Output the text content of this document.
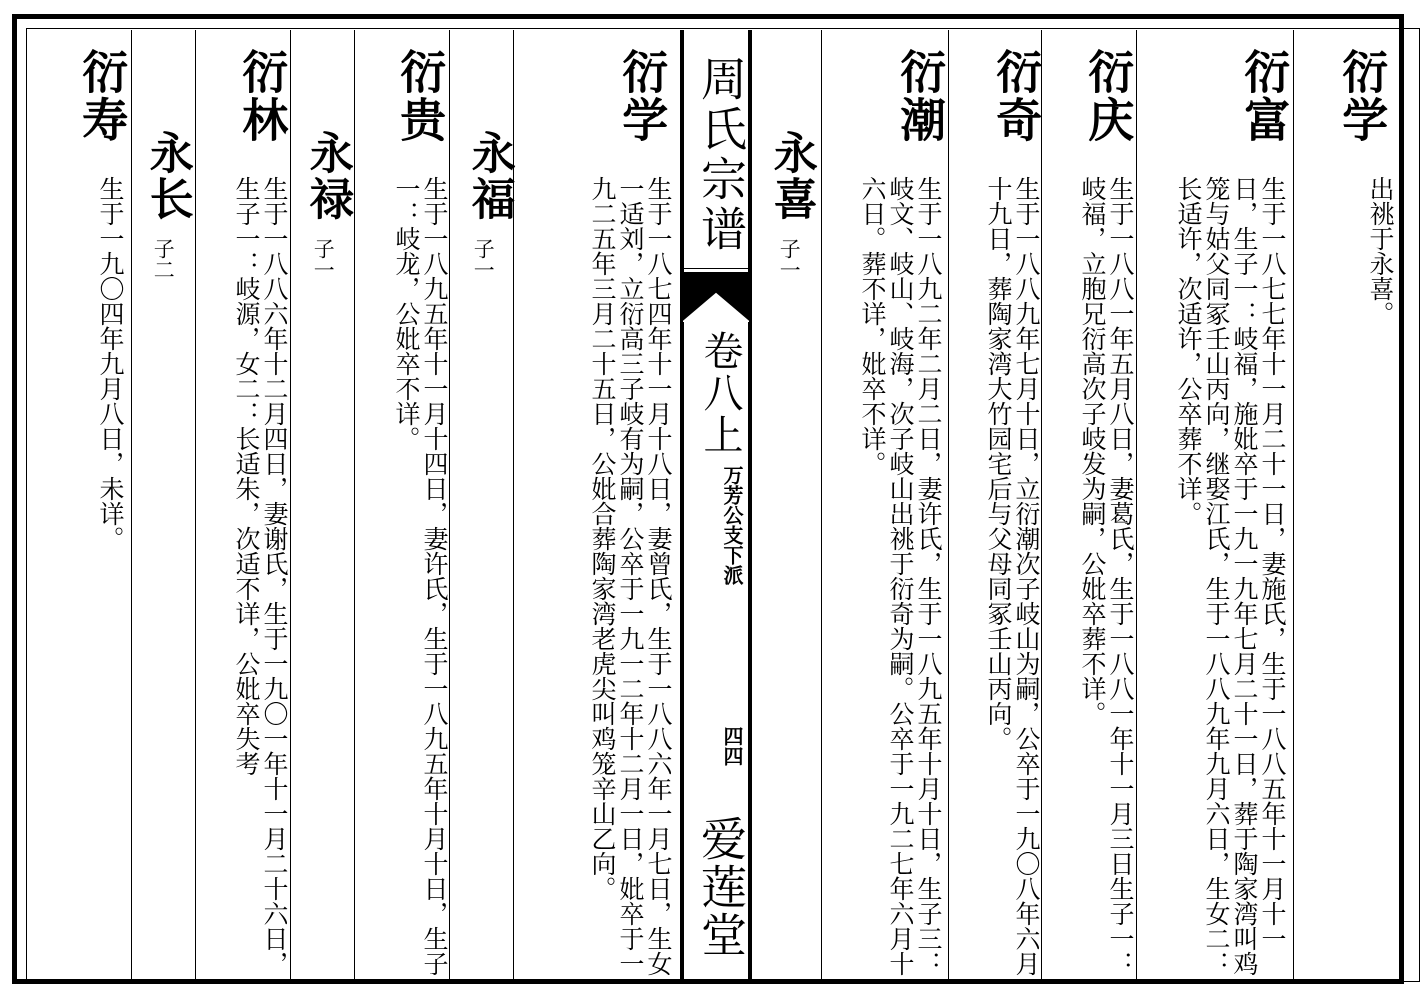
衍学
出祧于永喜。
衍富
生于一八七七年十一月二十一日，妻施氏，生于一八八五年十一月十一日，生子一：岐福，施妣卒于一九一九年七月二十一日，葬于陶家湾叫鸡笼与姑父同冢壬山丙向，继娶江氏，生于一八八九年九月六日，生女二：长适许，次适许，公卒葬不详。
衍庆
生于一八八一年五月八日，妻葛氏，生于一八八一年十一月三日生子一：岐福，立胞兄衍高次子岐发为嗣，公妣卒葬不详。
衍奇
生于一八八九年七月十日，立衍潮次子岐山为嗣，公卒于一九〇八年六月十九日，葬陶家湾大竹园宅后与父母同冢壬山丙向。
衍潮
生于一八九二年二月二日，妻许氏，生于一八九五年十月十日，生子三：岐文、岐山、岐海，次子岐山出祧于衍奇为嗣。公卒于一九二七年六月十六日。葬不详，妣卒不详。
永喜
子一
周氏宗谱
卷八上
万芳公支下派
四四
爱莲堂
衍学
生于一八七四年十一月十八日，妻曾氏，生于一八八六年一月七日，生女一适刘，立衍高三子岐有为嗣，公卒于一九一二年十二月一日，妣卒于一九二五年三月二十五日，公妣合葬陶家湾老虎尖叫鸡笼辛山乙向。
永福
子一
衍贵
生于一八九五年十一月十四日，妻许氏，生于一八九五年十月十日，生子一：岐龙，公妣卒不详。
永禄
子一
衍林
生于一八八六年十二月四日，妻谢氏，生于一九〇一年十一月二十六日，生子一：岐源，女二：长适朱，次适不详，公妣卒失考
永长
子二
衍寿
生于一九〇四年九月八日，未详。
